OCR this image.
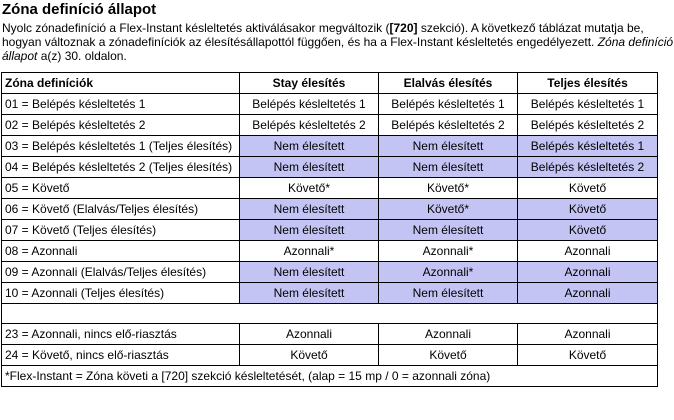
Zóna definíció állapot
Nyolc zónadefiníció a Flex-Instant késleltetés aktiválásakor megváltozik ([720] szekció). A következő táblázat mutatja be, hogyan változnak a zónadefiníciók az élesítésállapottól függően, és ha a Flex-Instant késleltetés engedélyezett. Zóna definíció állapot a(z) 30. oldalon.
Zóna definíciók	Stay élesítés	Elalvás élesítés	Teljes élesítés
01 = Belépés késleltetés 1	Belépés késleltetés 1	Belépés késleltetés 1	Belépés késleltetés 1
02 = Belépés késleltetés 2	Belépés késleltetés 2	Belépés késleltetés 2	Belépés késleltetés 2
03 = Belépés késleltetés 1 (Teljes élesítés)	Nem élesített	Nem élesített	Belépés késleltetés 1
04 = Belépés késleltetés 2 (Teljes élesítés)	Nem élesített	Nem élesített	Belépés késleltetés 2
05 = Követő	Követő*	Követő*	Követő
06 = Követő (Elalvás/Teljes élesítés)	Nem élesített	Követő*	Követő
07 = Követő (Teljes élesítés)	Nem élesített	Nem élesített	Követő
08 = Azonnali	Azonnali*	Azonnali*	Azonnali
09 = Azonnali (Elalvás/Teljes élesítés)	Nem élesített	Azonnali*	Azonnali
10 = Azonnali (Teljes élesítés)	Nem élesített	Nem élesített	Azonnali

23 = Azonnali, nincs elő-riasztás	Azonnali	Azonnali	Azonnali
24 = Követő, nincs elő-riasztás	Követő	Követő	Követő
*Flex-Instant = Zóna követi a [720] szekció késleltetését, (alap = 15 mp / 0 = azonnali zóna)			
